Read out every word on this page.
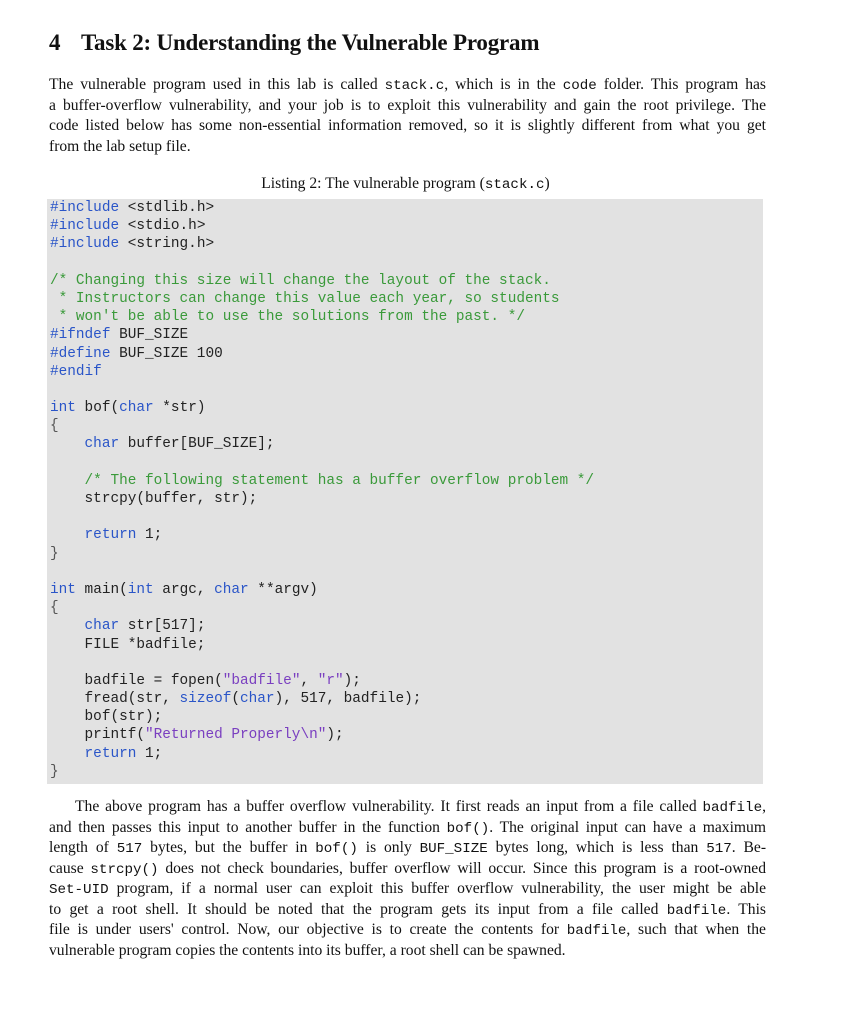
4 Task 2: Understanding the Vulnerable Program
The vulnerable program used in this lab is called stack.c, which is in the code folder. This program has
a buffer-overflow vulnerability, and your job is to exploit this vulnerability and gain the root privilege. The
code listed below has some non-essential information removed, so it is slightly different from what you get
from the lab setup file.
Listing 2: The vulnerable program (stack.c)
#include <stdlib.h>
#include <stdio.h>
#include <string.h>
/* Changing this size will change the layout of the stack.
* Instructors can change this value each year, so students
* won't be able to use the solutions from the past. */
#ifndef BUF_SIZE
#define BUF_SIZE 100
#endif
int bof(char *str)
{
char buffer[BUF_SIZE];
/* The following statement has a buffer overflow problem */
strcpy(buffer, str);
return 1;
}
int main(int argc, char **argv)
{
char str[517];
FILE *badfile;
badfile = fopen("badfile", "r");
fread(str, sizeof(char), 517, badfile);
bof(str);
printf("Returned Properly\n");
return 1;
}
The above program has a buffer overflow vulnerability. It first reads an input from a file called badfile,
and then passes this input to another buffer in the function bof(). The original input can have a maximum
length of 517 bytes, but the buffer in bof() is only BUF_SIZE bytes long, which is less than 517. Be-
cause strcpy() does not check boundaries, buffer overflow will occur. Since this program is a root-owned
Set-UID program, if a normal user can exploit this buffer overflow vulnerability, the user might be able
to get a root shell. It should be noted that the program gets its input from a file called badfile. This
file is under users' control. Now, our objective is to create the contents for badfile, such that when the
vulnerable program copies the contents into its buffer, a root shell can be spawned.
